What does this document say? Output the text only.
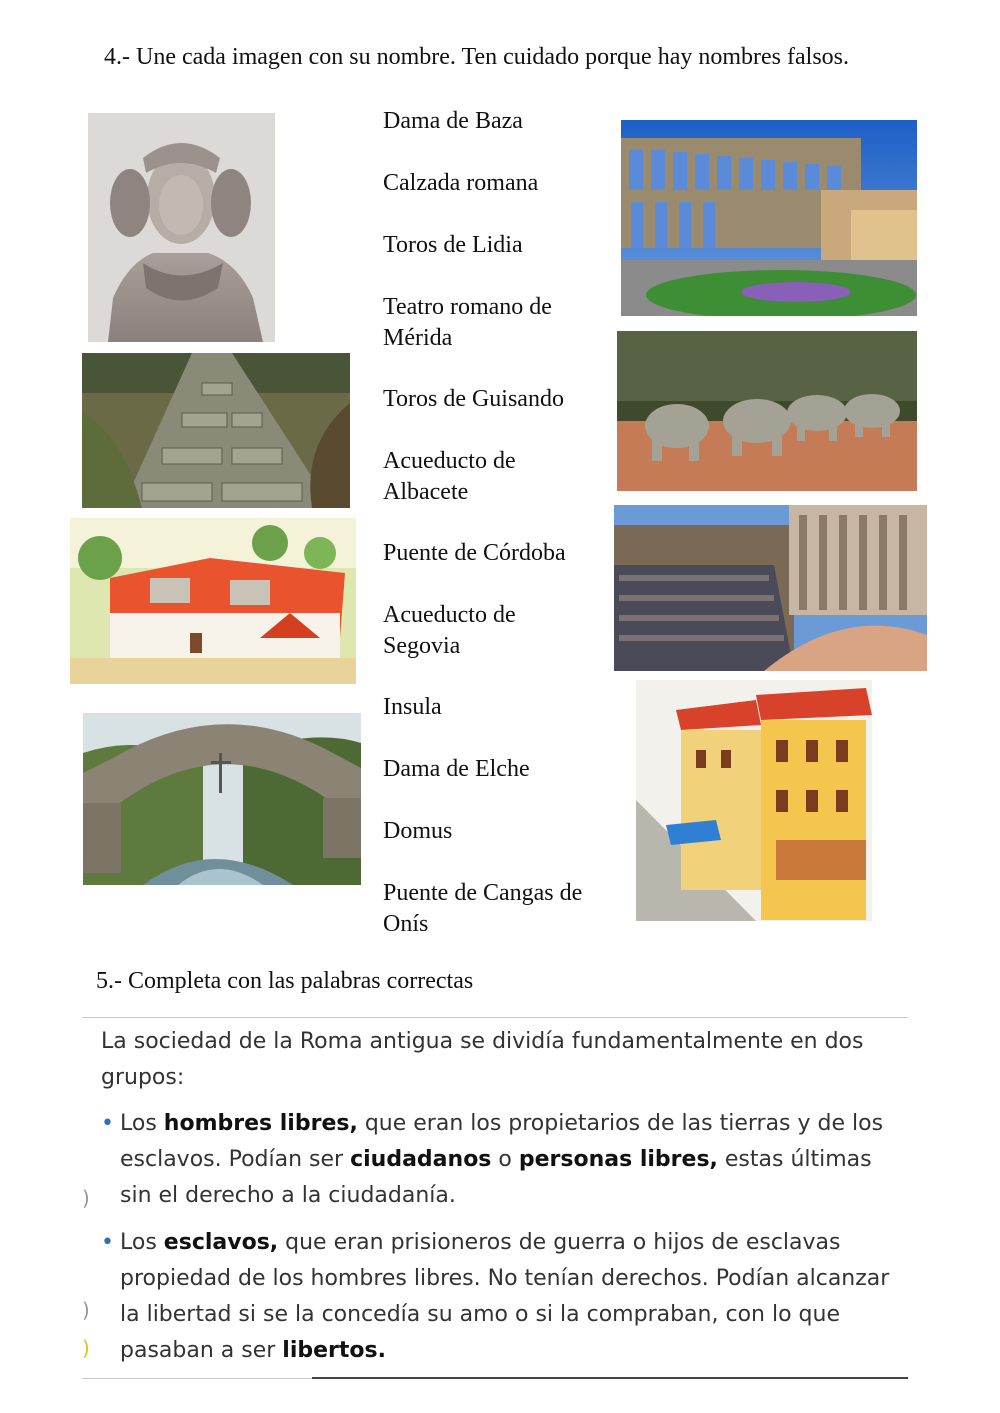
4.- Une cada imagen con su nombre. Ten cuidado porque hay nombres falsos.
Dama de Baza
Calzada romana
Toros de Lidia
Teatro romano de Mérida
Toros de Guisando
Acueducto de Albacete
Puente de Córdoba
Acueducto de Segovia
Insula
Dama de Elche
Domus
Puente de Cangas de Onís
5.- Completa con las palabras correctas
La sociedad de la Roma antigua se dividía fundamentalmente en dos grupos:
• Los hombres libres, que eran los propietarios de las tierras y de los esclavos. Podían ser ciudadanos o personas libres, estas últimas sin el derecho a la ciudadanía.
• Los esclavos, que eran prisioneros de guerra o hijos de esclavas propiedad de los hombres libres. No tenían derechos. Podían alcanzar la libertad si se la concedía su amo o si la compraban, con lo que pasaban a ser libertos.
)
)
)
